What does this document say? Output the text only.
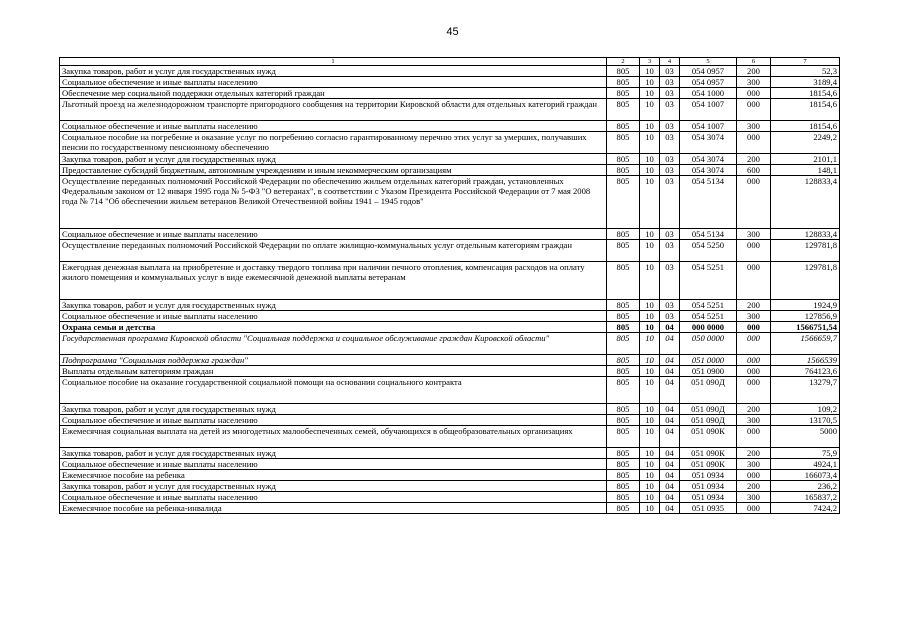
45
1	2	3	4	5	6	7
Закупка товаров, работ и услуг для государственных нужд	805	10	03	054 0957	200	52,3
Социальное обеспечение и иные выплаты населению	805	10	03	054 0957	300	3189,4
Обеспечение мер социальной поддержки отдельных категорий граждан	805	10	03	054 1000	000	18154,6
Льготный проезд на железнодорожном транспорте пригородного сообщения на территории Кировской области для отдельных категорий граждан	805	10	03	054 1007	000	18154,6
Социальное обеспечение и иные выплаты населению	805	10	03	054 1007	300	18154,6
Социальное пособие на погребение и оказание услуг по погребению согласно гарантированному перечню этих услуг за умерших, получавших пенсии по государственному пенсионному обеспечению	805	10	03	054 3074	000	2249,2
Закупка товаров, работ и услуг для государственных нужд	805	10	03	054 3074	200	2101,1
Предоставление субсидий бюджетным, автономным учреждениям и иным некоммерческим организациям	805	10	03	054 3074	600	148,1
Осуществление переданных полномочий Российской Федерации по обеспечению жильем отдельных категорий граждан, установленных Федеральным законом от 12 января 1995 года № 5-ФЗ "О ветеранах", в соответствии с Указом Президента Российской Федерации от 7 мая 2008 года № 714 "Об обеспечении жильем ветеранов Великой Отечественной войны 1941 – 1945 годов"	805	10	03	054 5134	000	128833,4
Социальное обеспечение и иные выплаты населению	805	10	03	054 5134	300	128833,4
Осуществление переданных полномочий Российской Федерации по оплате жилищно-коммунальных услуг отдельным категориям граждан	805	10	03	054 5250	000	129781,8
Ежегодная денежная выплата на приобретение и доставку твердого топлива при наличии печного отопления, компенсация расходов на оплату жилого помещения и коммунальных услуг в виде ежемесячной денежной выплаты ветеранам	805	10	03	054 5251	000	129781,8
Закупка товаров, работ и услуг для государственных нужд	805	10	03	054 5251	200	1924,9
Социальное обеспечение и иные выплаты населению	805	10	03	054 5251	300	127856,9
Охрана семьи и детства	805	10	04	000 0000	000	1566751,54
Государственная программа Кировской области "Социальная поддержка и социальное обслуживание граждан Кировской области"	805	10	04	050 0000	000	1566659,7
Подпрограмма "Социальная поддержка граждан"	805	10	04	051 0000	000	1566539
Выплаты отдельным категориям граждан	805	10	04	051 0900	000	764123,6
Социальное пособие на оказание государственной социальной помощи на основании социального контракта	805	10	04	051 090Д	000	13279,7
Закупка товаров, работ и услуг для государственных нужд	805	10	04	051 090Д	200	109,2
Социальное обеспечение и иные выплаты населению	805	10	04	051 090Д	300	13170,5
Ежемесячная социальная выплата на детей из многодетных малообеспеченных семей, обучающихся в общеобразовательных организациях	805	10	04	051 090К	000	5000
Закупка товаров, работ и услуг для государственных нужд	805	10	04	051 090К	200	75,9
Социальное обеспечение и иные выплаты населению	805	10	04	051 090К	300	4924,1
Ежемесячное пособие на ребенка	805	10	04	051 0934	000	166073,4
Закупка товаров, работ и услуг для государственных нужд	805	10	04	051 0934	200	236,2
Социальное обеспечение и иные выплаты населению	805	10	04	051 0934	300	165837,2
Ежемесячное пособие на ребенка-инвалида	805	10	04	051 0935	000	7424,2
